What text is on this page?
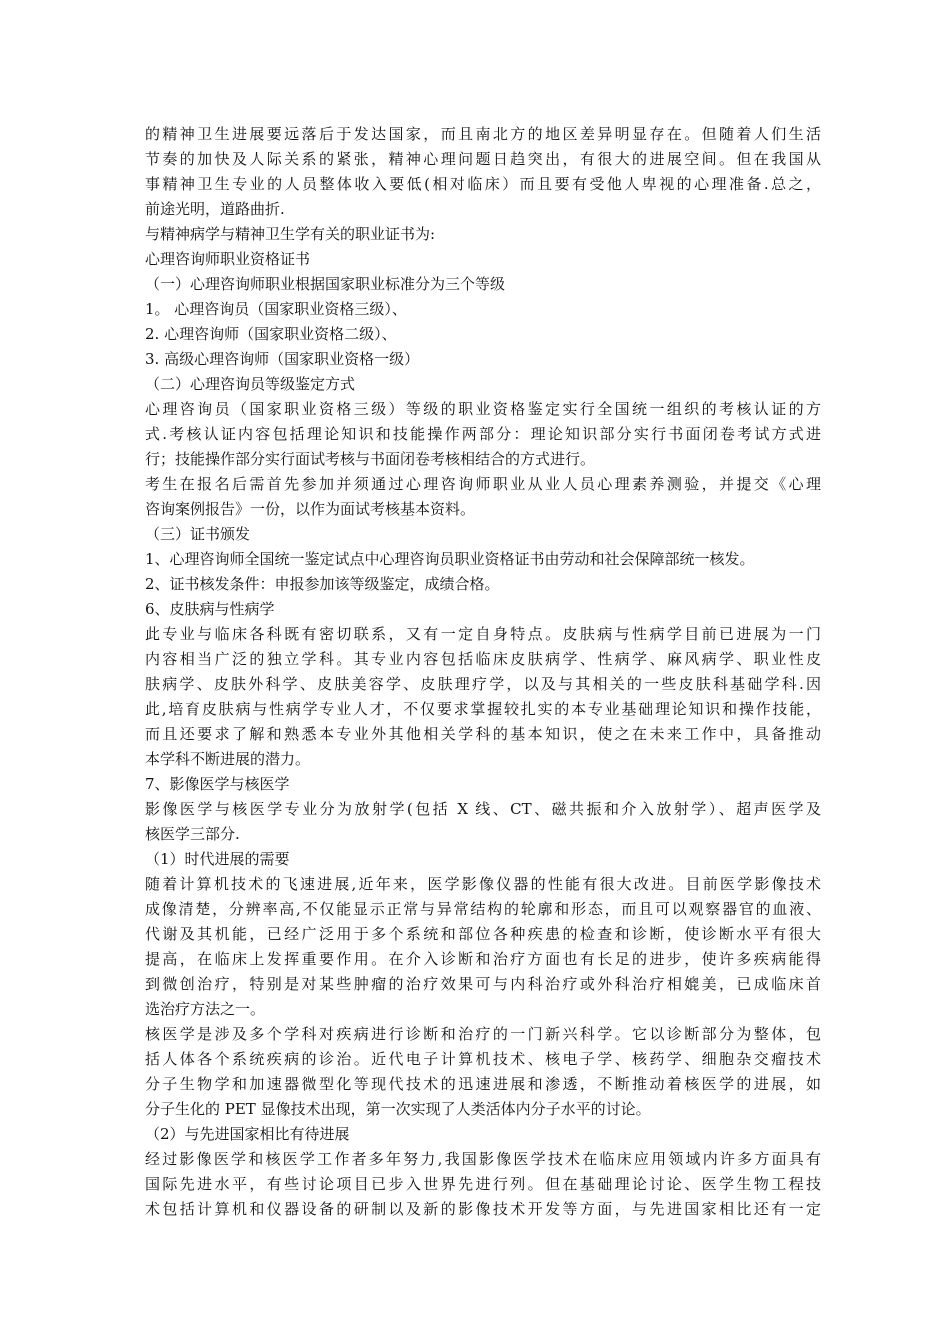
的精神卫生进展要远落后于发达国家，而且南北方的地区差异明显存在。但随着人们生活
节奏的加快及人际关系的紧张，精神心理问题日趋突出，有很大的进展空间。但在我国从
事精神卫生专业的人员整体收入要低(相对临床）而且要有受他人卑视的心理准备.总之，
前途光明，道路曲折.
与精神病学与精神卫生学有关的职业证书为:
心理咨询师职业资格证书
（一）心理咨询师职业根据国家职业标准分为三个等级
1。 心理咨询员（国家职业资格三级）、
2. 心理咨询师（国家职业资格二级）、
3. 高级心理咨询师（国家职业资格一级）
（二）心理咨询员等级鉴定方式
心理咨询员（国家职业资格三级）等级的职业资格鉴定实行全国统一组织的考核认证的方
式.考核认证内容包括理论知识和技能操作两部分：理论知识部分实行书面闭卷考试方式进
行；技能操作部分实行面试考核与书面闭卷考核相结合的方式进行。
考生在报名后需首先参加并须通过心理咨询师职业从业人员心理素养测验，并提交《心理
咨询案例报告》一份，以作为面试考核基本资料。
（三）证书颁发
1、心理咨询师全国统一鉴定试点中心理咨询员职业资格证书由劳动和社会保障部统一核发。
2、证书核发条件：申报参加该等级鉴定，成绩合格。
6、皮肤病与性病学
此专业与临床各科既有密切联系，又有一定自身特点。皮肤病与性病学目前已进展为一门
内容相当广泛的独立学科。其专业内容包括临床皮肤病学、性病学、麻风病学、职业性皮
肤病学、皮肤外科学、皮肤美容学、皮肤理疗学，以及与其相关的一些皮肤科基础学科.因
此,培育皮肤病与性病学专业人才，不仅要求掌握较扎实的本专业基础理论知识和操作技能，
而且还要求了解和熟悉本专业外其他相关学科的基本知识，使之在未来工作中，具备推动
本学科不断进展的潜力。
7、影像医学与核医学
影像医学与核医学专业分为放射学(包括 X 线、CT、磁共振和介入放射学）、超声医学及
核医学三部分.
（1）时代进展的需要
随着计算机技术的飞速进展,近年来，医学影像仪器的性能有很大改进。目前医学影像技术
成像清楚，分辨率高,不仅能显示正常与异常结构的轮廓和形态，而且可以观察器官的血液、
代谢及其机能，已经广泛用于多个系统和部位各种疾患的检查和诊断，使诊断水平有很大
提高，在临床上发挥重要作用。在介入诊断和治疗方面也有长足的进步，使许多疾病能得
到微创治疗，特别是对某些肿瘤的治疗效果可与内科治疗或外科治疗相媲美，已成临床首
选治疗方法之一。
核医学是涉及多个学科对疾病进行诊断和治疗的一门新兴科学。它以诊断部分为整体，包
括人体各个系统疾病的诊治。近代电子计算机技术、核电子学、核药学、细胞杂交瘤技术
分子生物学和加速器微型化等现代技术的迅速进展和渗透，不断推动着核医学的进展，如
分子生化的 PET 显像技术出现，第一次实现了人类活体内分子水平的讨论。
（2）与先进国家相比有待进展
经过影像医学和核医学工作者多年努力,我国影像医学技术在临床应用领域内许多方面具有
国际先进水平，有些讨论项目已步入世界先进行列。但在基础理论讨论、医学生物工程技
术包括计算机和仪器设备的研制以及新的影像技术开发等方面，与先进国家相比还有一定
